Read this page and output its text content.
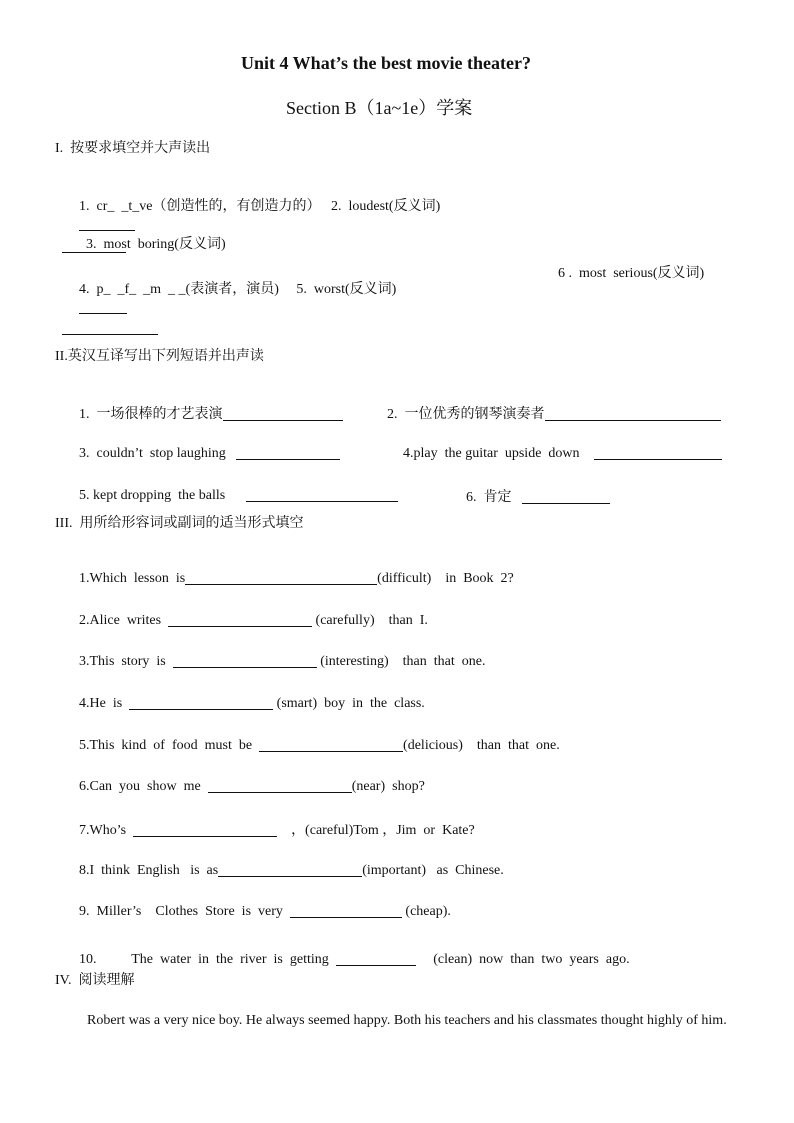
Unit 4 What’s the best movie theater?
Section B（1a~1e）学案
I.  按要求填空并大声读出

1.  cr_  _t_ve（创造性的，有创造力的）   2.  loudest(反义词)

3.  most  boring(反义词)

4.  p_  _f_  _m  _ _(表演者，演员)     5.  worst(反义词)

6 .  most  serious(反义词)

II.英汉互译写出下列短语并出声读

1.  一场很棒的才艺表演	2.  一位优秀的钢琴演奏者

3.  couldn’t  stop laughing	4.play  the guitar  upside  down

5. kept dropping  the balls	6.  肯定

III.  用所给形容词或副词的适当形式填空

1.Which  lesson  is	(difficult)    in  Book  2?

2.Alice  writes	(carefully)    than  I.

3.This  story  is	(interesting)    than  that  one.

4.He  is	(smart)  boy  in  the  class.

5.This  kind  of  food  must  be	(delicious)    than  that  one.

6.Can  you  show  me	(near)  shop?

7.Who’s	，(careful)Tom ，Jim  or  Kate?

8.I  think  English   is  as	(important)   as  Chinese.

9.  Miller’s    Clothes  Store  is  very	(cheap).

10.          The  water  in  the  river  is  getting	(clean)  now  than  two  years  ago.

IV.  阅读理解
Robert was a very nice boy. He always seemed happy. Both his teachers and his classmates thought highly of him.
